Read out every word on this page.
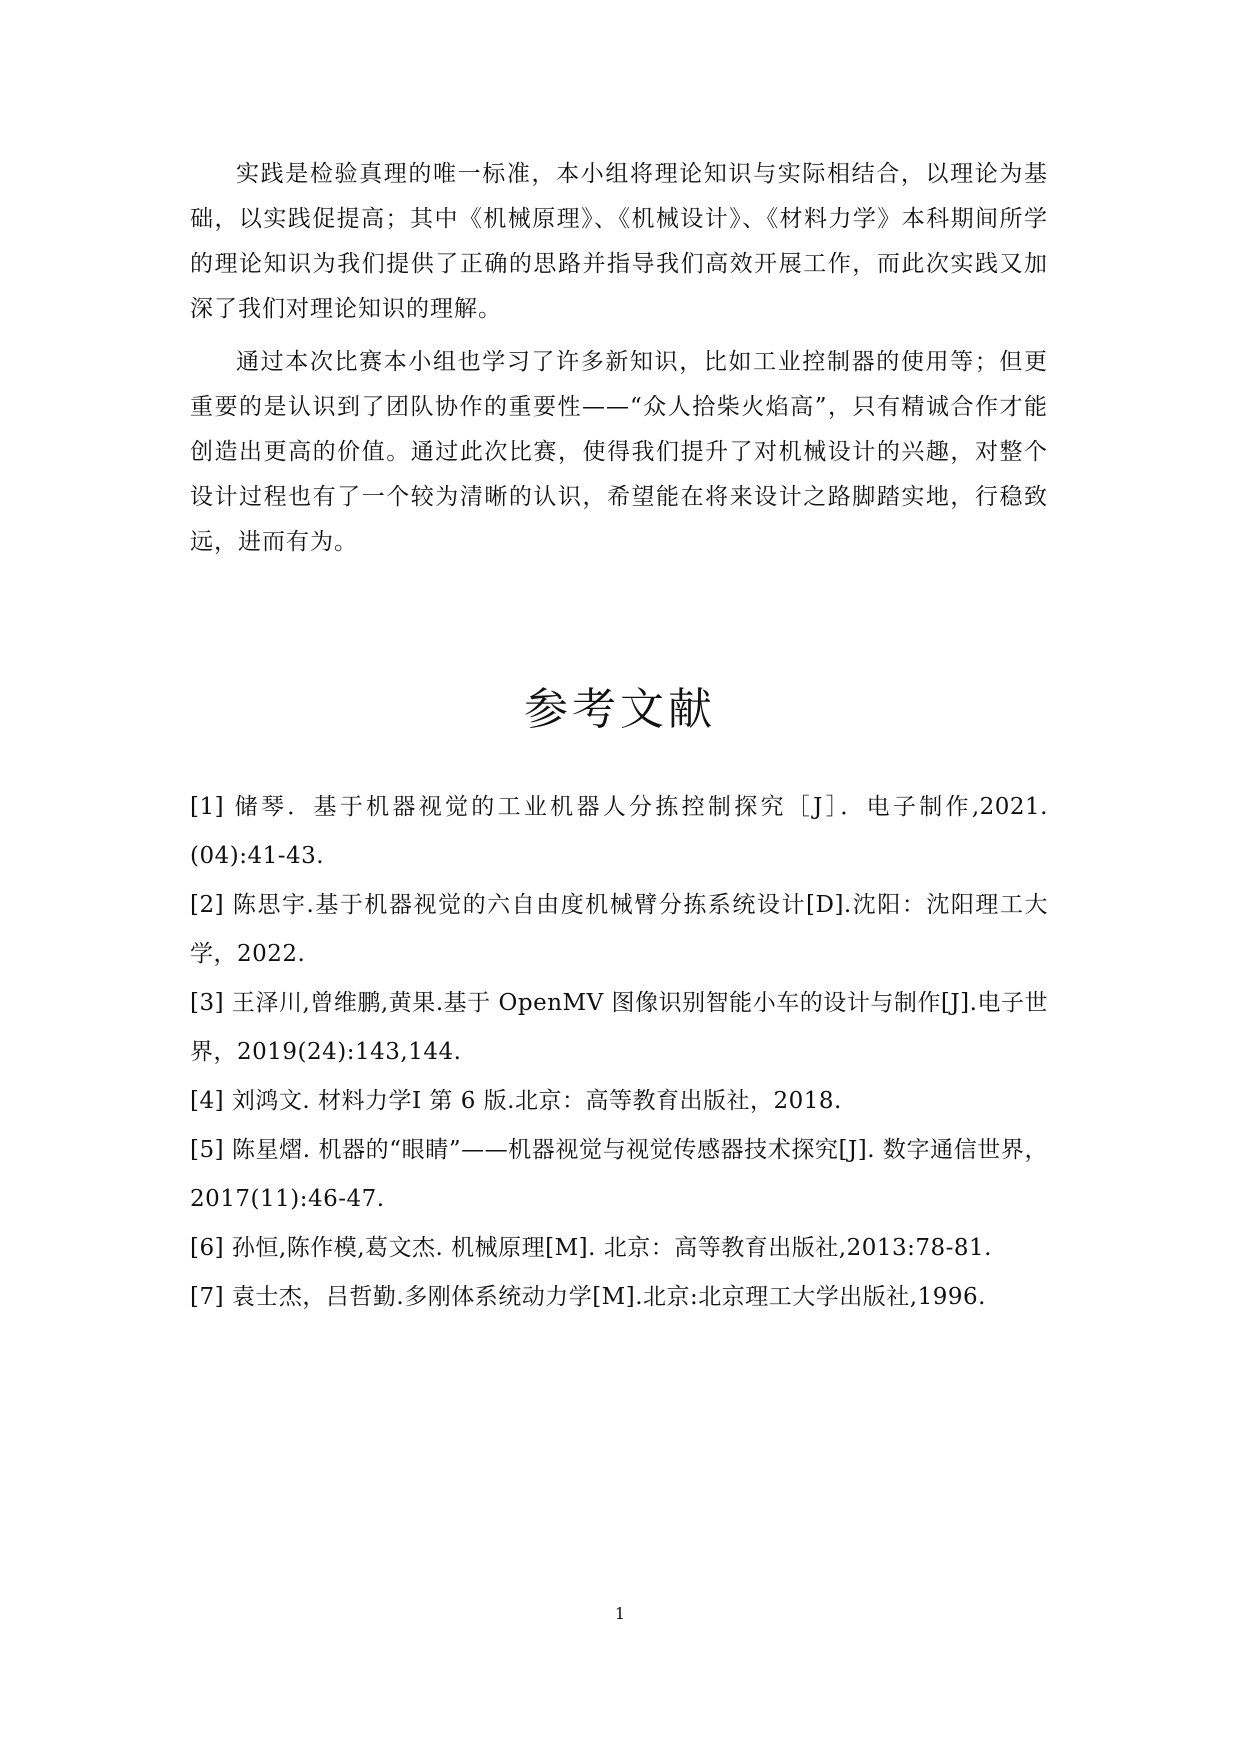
实践是检验真理的唯一标准，本小组将理论知识与实际相结合，以理论为基础，以实践促提高；其中《机械原理》、《机械设计》、《材料力学》本科期间所学的理论知识为我们提供了正确的思路并指导我们高效开展工作，而此次实践又加深了我们对理论知识的理解。

通过本次比赛本小组也学习了许多新知识，比如工业控制器的使用等；但更重要的是认识到了团队协作的重要性——“众人拾柴火焰高”，只有精诚合作才能创造出更高的价值。通过此次比赛，使得我们提升了对机械设计的兴趣，对整个设计过程也有了一个较为清晰的认识，希望能在将来设计之路脚踏实地，行稳致远，进而有为。

参考文献
[1] 储琴．基于机器视觉的工业机器人分拣控制探究［J］．电子制作,2021.(04):41-43.
[2] 陈思宇.基于机器视觉的六自由度机械臂分拣系统设计[D].沈阳：沈阳理工大学，2022.
[3] 王泽川,曾维鹏,黄果.基于 OpenMV 图像识别智能小车的设计与制作[J].电子世界，2019(24):143,144.
[4] 刘鸿文. 材料力学Ⅰ 第 6 版.北京：高等教育出版社，2018.
[5] 陈星熠. 机器的“眼睛”——机器视觉与视觉传感器技术探究[J]. 数字通信世界，2017(11):46-47.
[6] 孙恒,陈作模,葛文杰. 机械原理[M]. 北京：高等教育出版社,2013:78-81.
[7] 袁士杰，吕哲勤.多刚体系统动力学[M].北京:北京理工大学出版社,1996.
1
